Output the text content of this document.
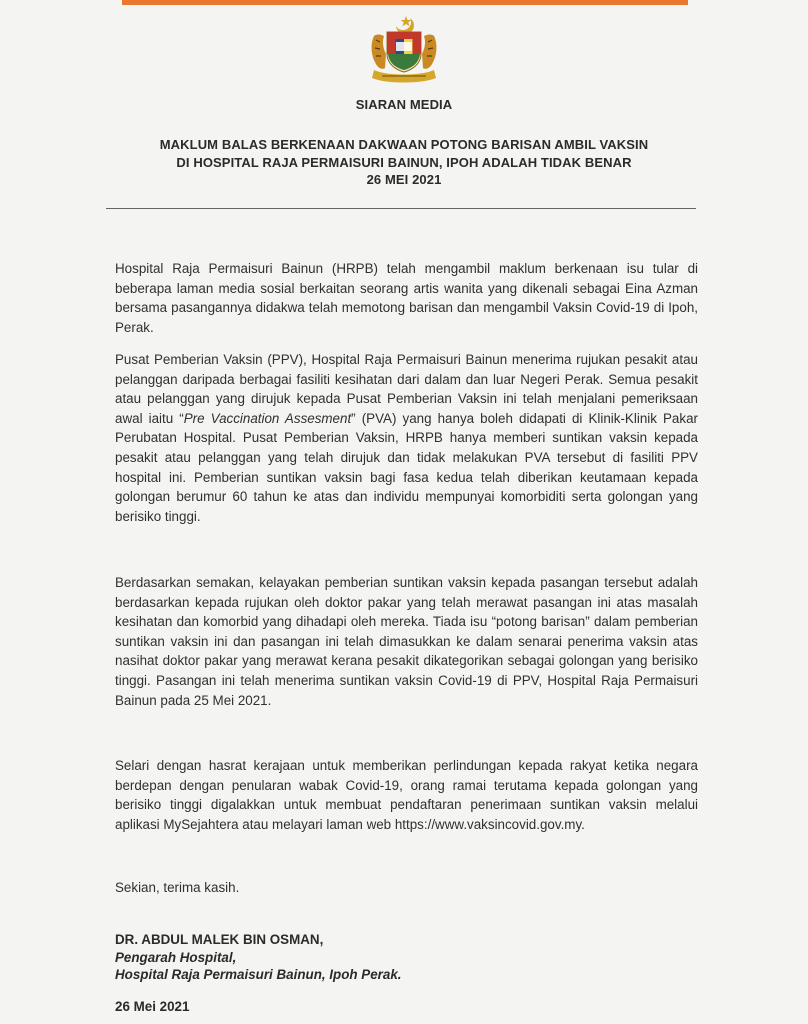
SIARAN MEDIA
MAKLUM BALAS BERKENAAN DAKWAAN POTONG BARISAN AMBIL VAKSIN
DI HOSPITAL RAJA PERMAISURI BAINUN, IPOH ADALAH TIDAK BENAR
26 MEI 2021
Hospital Raja Permaisuri Bainun (HRPB) telah mengambil maklum berkenaan isu tular di beberapa laman media sosial berkaitan seorang artis wanita yang dikenali sebagai Eina Azman bersama pasangannya didakwa telah memotong barisan dan mengambil Vaksin Covid-19 di Ipoh, Perak.
Pusat Pemberian Vaksin (PPV), Hospital Raja Permaisuri Bainun menerima rujukan pesakit atau pelanggan daripada berbagai fasiliti kesihatan dari dalam dan luar Negeri Perak. Semua pesakit atau pelanggan yang dirujuk kepada Pusat Pemberian Vaksin ini telah menjalani pemeriksaan awal iaitu “Pre Vaccination Assesment” (PVA) yang hanya boleh didapati di Klinik-Klinik Pakar Perubatan Hospital. Pusat Pemberian Vaksin, HRPB hanya memberi suntikan vaksin kepada pesakit atau pelanggan yang telah dirujuk dan tidak melakukan PVA tersebut di fasiliti PPV hospital ini. Pemberian suntikan vaksin bagi fasa kedua telah diberikan keutamaan kepada golongan berumur 60 tahun ke atas dan individu mempunyai komorbiditi serta golongan yang berisiko tinggi.
Berdasarkan semakan, kelayakan pemberian suntikan vaksin kepada pasangan tersebut adalah berdasarkan kepada rujukan oleh doktor pakar yang telah merawat pasangan ini atas masalah kesihatan dan komorbid yang dihadapi oleh mereka. Tiada isu “potong barisan” dalam pemberian suntikan vaksin ini dan pasangan ini telah dimasukkan ke dalam senarai penerima vaksin atas nasihat doktor pakar yang merawat kerana pesakit dikategorikan sebagai golongan yang berisiko tinggi. Pasangan ini telah menerima suntikan vaksin Covid-19 di PPV, Hospital Raja Permaisuri Bainun pada 25 Mei 2021.
Selari dengan hasrat kerajaan untuk memberikan perlindungan kepada rakyat ketika negara berdepan dengan penularan wabak Covid-19, orang ramai terutama kepada golongan yang berisiko tinggi digalakkan untuk membuat pendaftaran penerimaan suntikan vaksin melalui aplikasi MySejahtera atau melayari laman web https://www.vaksincovid.gov.my.
Sekian, terima kasih.
DR. ABDUL MALEK BIN OSMAN,
Pengarah Hospital,
Hospital Raja Permaisuri Bainun, Ipoh Perak.
26 Mei 2021
